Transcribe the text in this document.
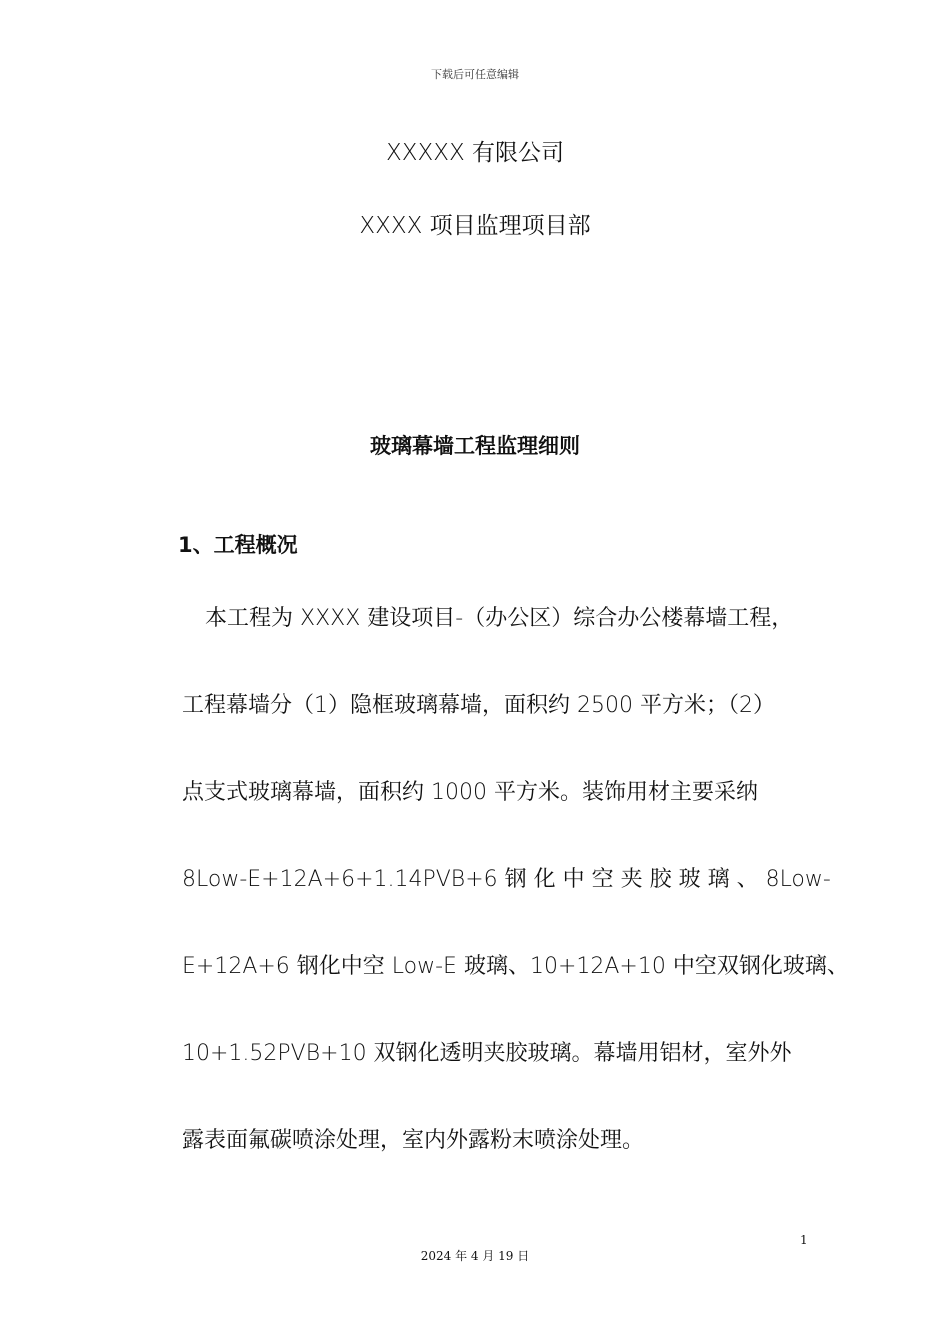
下载后可任意编辑
XXXXX 有限公司
XXXX 项目监理项目部
玻璃幕墙工程监理细则
1、工程概况
本工程为 XXXX 建设项目-（办公区）综合办公楼幕墙工程，
工程幕墙分（1）隐框玻璃幕墙，面积约 2500 平方米；（2）
点支式玻璃幕墙，面积约 1000 平方米。装饰用材主要采纳
8Low-E+12A+6+1.14PVB+6 钢 化 中 空 夹 胶 玻 璃 、 8Low-
E+12A+6 钢化中空 Low-E 玻璃、10+12A+10 中空双钢化玻璃、
10+1.52PVB+10 双钢化透明夹胶玻璃。幕墙用铝材，室外外
露表面氟碳喷涂处理，室内外露粉末喷涂处理。
1
2024 年 4 月 19 日
